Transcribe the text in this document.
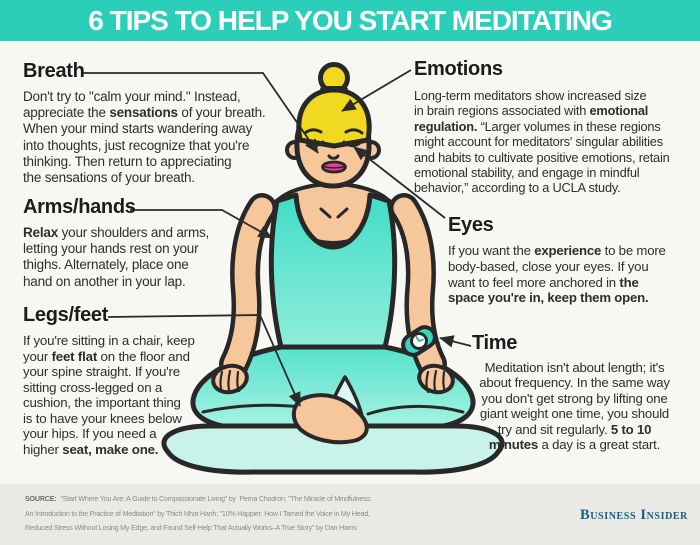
6 TIPS TO HELP YOU START MEDITATING
Breath
Don't try to "calm your mind." Instead,
appreciate the sensations of your breath.
When your mind starts wandering away
into thoughts, just recognize that you're
thinking. Then return to appreciating
the sensations of your breath.
Emotions
Long-term meditators show increased size
in brain regions associated with emotional
regulation. “Larger volumes in these regions
might account for meditators' singular abilities
and habits to cultivate positive emotions, retain
emotional stability, and engage in mindful
behavior,” according to a UCLA study.
Arms/hands
Relax your shoulders and arms,
letting your hands rest on your
thighs. Alternately, place one
hand on another in your lap.
Eyes
If you want the experience to be more
body-based, close your eyes. If you
want to feel more anchored in the
space you're in, keep them open.
Legs/feet
If you're sitting in a chair, keep
your feet flat on the floor and
your spine straight. If you're
sitting cross-legged on a
cushion, the important thing
is to have your knees below
your hips. If you need a
higher seat, make one.
Time
Meditation isn't about length; it's
about frequency. In the same way
you don't get strong by lifting one
giant weight one time, you should
try and sit regularly. 5 to 10
minutes a day is a great start.
SOURCE: "Start Where You Are: A Guide to Compassionate Living" by  Pema Chodron; "The Miracle of Mindfulness:
An Introduction to the Practice of Meditation" by Thich Nhat Hanh; "10% Happier: How I Tamed the Voice in My Head,
Reduced Stress Without Losing My Edge, and Found Self-Help That Actually Works–A True Story" by Dan Harris
Business Insider
